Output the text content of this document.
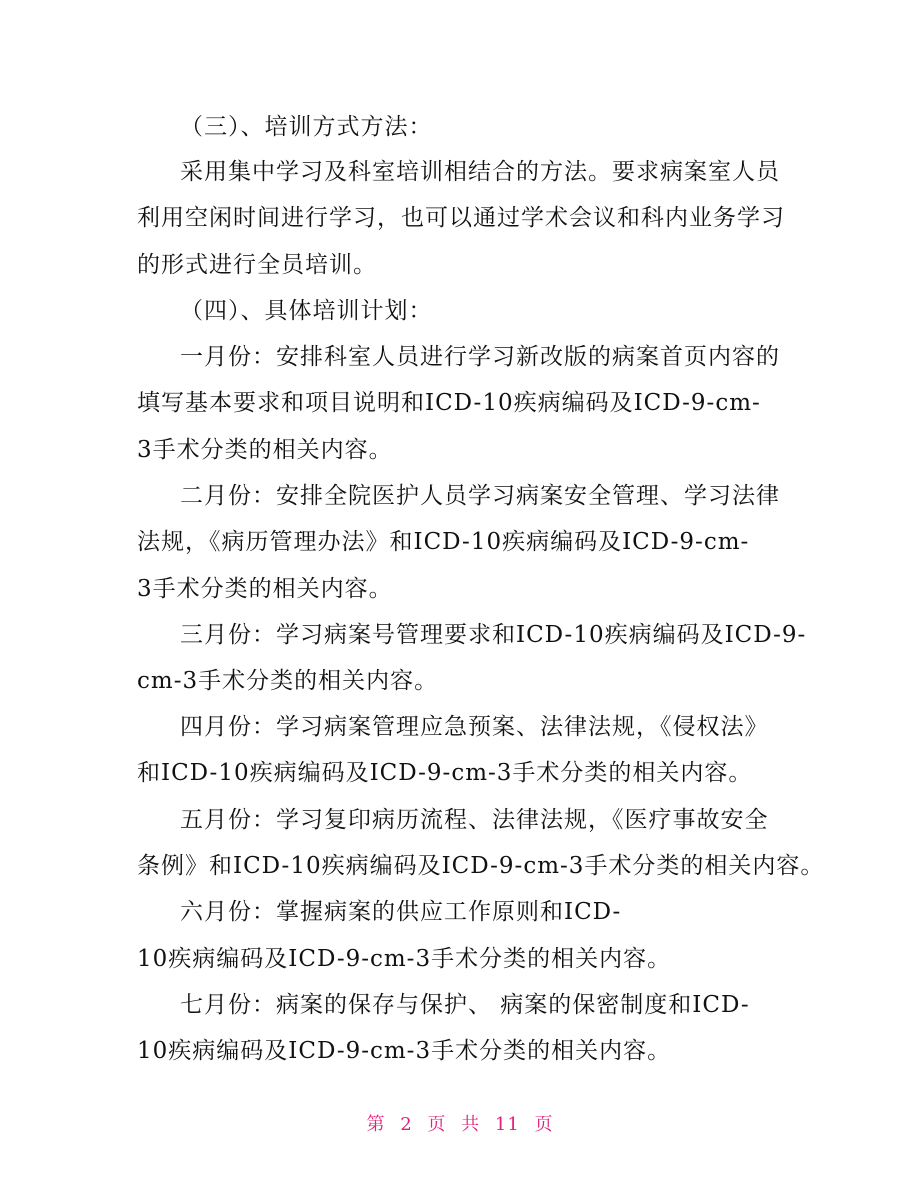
（三）、培训方式方法：
采用集中学习及科室培训相结合的方法。要求病案室人员
利用空闲时间进行学习，也可以通过学术会议和科内业务学习
的形式进行全员培训。
（四）、具体培训计划：
一月份：安排科室人员进行学习新改版的病案首页内容的
填写基本要求和项目说明和ICD-10疾病编码及ICD-9-cm-
3手术分类的相关内容。
二月份：安排全院医护人员学习病案安全管理、学习法律
法规，《病历管理办法》和ICD-10疾病编码及ICD-9-cm-
3手术分类的相关内容。
三月份：学习病案号管理要求和ICD-10疾病编码及ICD-9-
cm-3手术分类的相关内容。
四月份：学习病案管理应急预案、法律法规，《侵权法》
和ICD-10疾病编码及ICD-9-cm-3手术分类的相关内容。
五月份：学习复印病历流程、法律法规，《医疗事故安全
条例》和ICD-10疾病编码及ICD-9-cm-3手术分类的相关内容。
六月份：掌握病案的供应工作原则和ICD-
10疾病编码及ICD-9-cm-3手术分类的相关内容。
七月份：病案的保存与保护、 病案的保密制度和ICD-
10疾病编码及ICD-9-cm-3手术分类的相关内容。
第 2 页 共 11 页
